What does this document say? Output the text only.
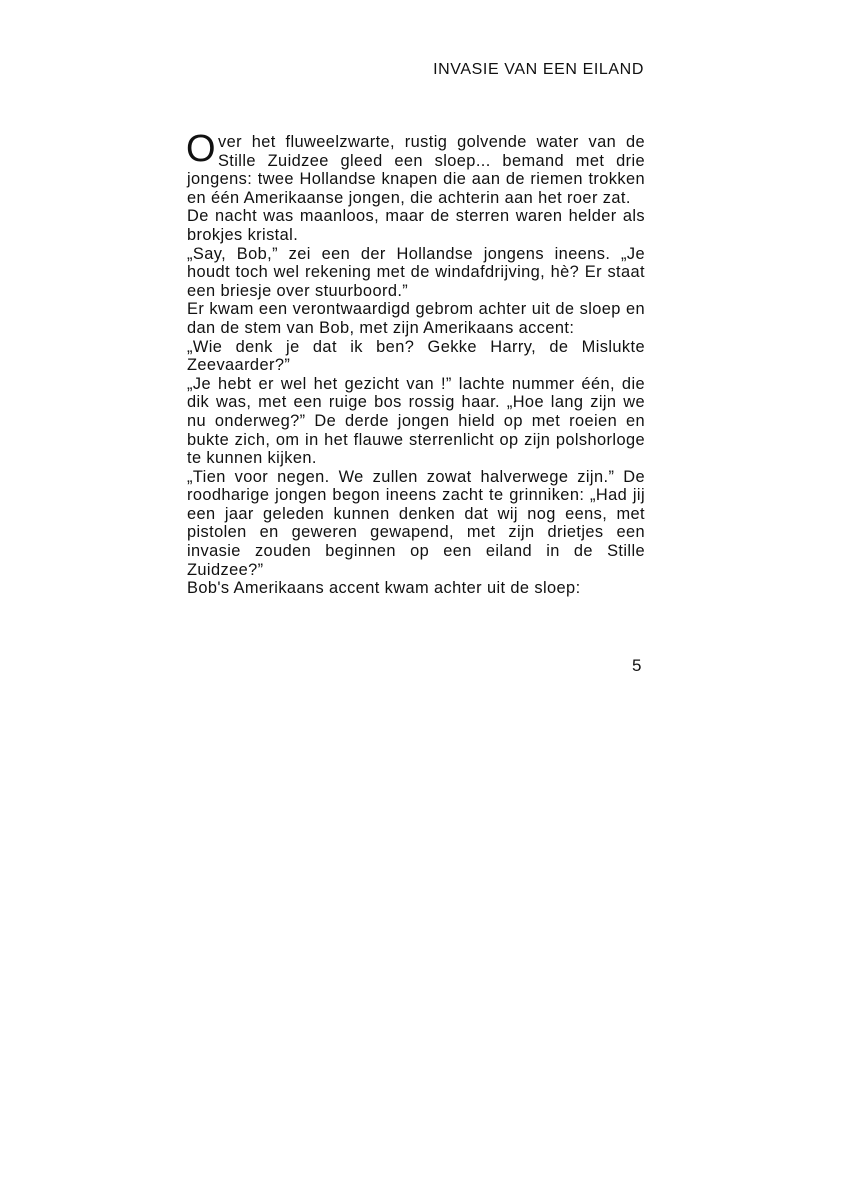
INVASIE VAN EEN EILAND

Over het fluweelzwarte, rustig golvende water van de Stille Zuidzee gleed een sloep... bemand met drie jongens: twee Hollandse knapen die aan de riemen trokken en één Amerikaanse jongen, die achterin aan het roer zat.

De nacht was maanloos, maar de sterren waren helder als brokjes kristal.

„Say, Bob,” zei een der Hollandse jongens ineens. „Je houdt toch wel rekening met de windafdrijving, hè? Er staat een briesje over stuurboord.”

Er kwam een verontwaardigd gebrom achter uit de sloep en dan de stem van Bob, met zijn Amerikaans accent:

„Wie denk je dat ik ben? Gekke Harry, de Mislukte Zeevaarder?”

„Je hebt er wel het gezicht van !” lachte nummer één, die dik was, met een ruige bos rossig haar. „Hoe lang zijn we nu onderweg?” De derde jongen hield op met roeien en bukte zich, om in het flauwe sterrenlicht op zijn polshorloge te kunnen kijken.

„Tien voor negen. We zullen zowat halverwege zijn.” De roodharige jongen begon ineens zacht te grinniken: „Had jij een jaar geleden kunnen denken dat wij nog eens, met pistolen en geweren gewapend, met zijn drietjes een invasie zouden beginnen op een eiland in de Stille Zuidzee?”

Bob's Amerikaans accent kwam achter uit de sloep:

5
